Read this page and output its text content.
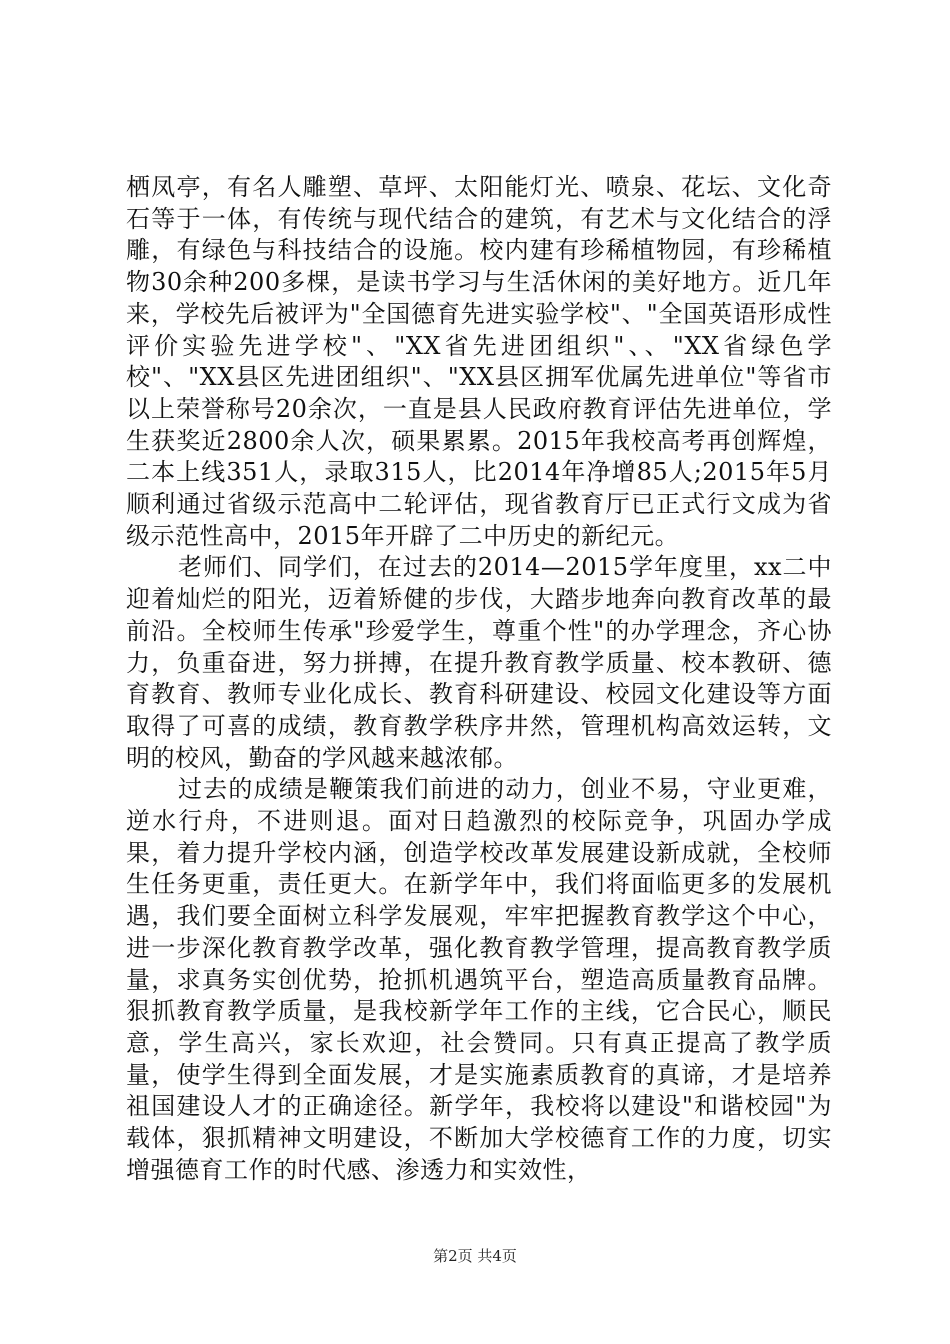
栖凤亭，有名人雕塑、草坪、太阳能灯光、喷泉、花坛、文化奇石等于一体，有传统与现代结合的建筑，有艺术与文化结合的浮雕，有绿色与科技结合的设施。校内建有珍稀植物园，有珍稀植物30余种200多棵，是读书学习与生活休闲的美好地方。近几年来，学校先后被评为"全国德育先进实验学校"、"全国英语形成性评价实验先进学校"、"XX省先进团组织"、、"XX省绿色学校"、"XX县区先进团组织"、"XX县区拥军优属先进单位"等省市以上荣誉称号20余次，一直是县人民政府教育评估先进单位，学生获奖近2800余人次，硕果累累。2015年我校高考再创辉煌，二本上线351人，录取315人，比2014年净增85人;2015年5月顺利通过省级示范高中二轮评估，现省教育厅已正式行文成为省级示范性高中，2015年开辟了二中历史的新纪元。

老师们、同学们，在过去的2014—2015学年度里，xx二中迎着灿烂的阳光，迈着矫健的步伐，大踏步地奔向教育改革的最前沿。全校师生传承"珍爱学生，尊重个性"的办学理念，齐心协力，负重奋进，努力拼搏，在提升教育教学质量、校本教研、德育教育、教师专业化成长、教育科研建设、校园文化建设等方面取得了可喜的成绩，教育教学秩序井然，管理机构高效运转，文明的校风，勤奋的学风越来越浓郁。

过去的成绩是鞭策我们前进的动力，创业不易，守业更难，逆水行舟，不进则退。面对日趋激烈的校际竞争，巩固办学成果，着力提升学校内涵，创造学校改革发展建设新成就，全校师生任务更重，责任更大。在新学年中，我们将面临更多的发展机遇，我们要全面树立科学发展观，牢牢把握教育教学这个中心，进一步深化教育教学改革，强化教育教学管理，提高教育教学质量，求真务实创优势，抢抓机遇筑平台，塑造高质量教育品牌。狠抓教育教学质量，是我校新学年工作的主线，它合民心，顺民意，学生高兴，家长欢迎，社会赞同。只有真正提高了教学质量，使学生得到全面发展，才是实施素质教育的真谛，才是培养祖国建设人才的正确途径。新学年，我校将以建设"和谐校园"为载体，狠抓精神文明建设，不断加大学校德育工作的力度，切实增强德育工作的时代感、渗透力和实效性，

第2页 共4页
